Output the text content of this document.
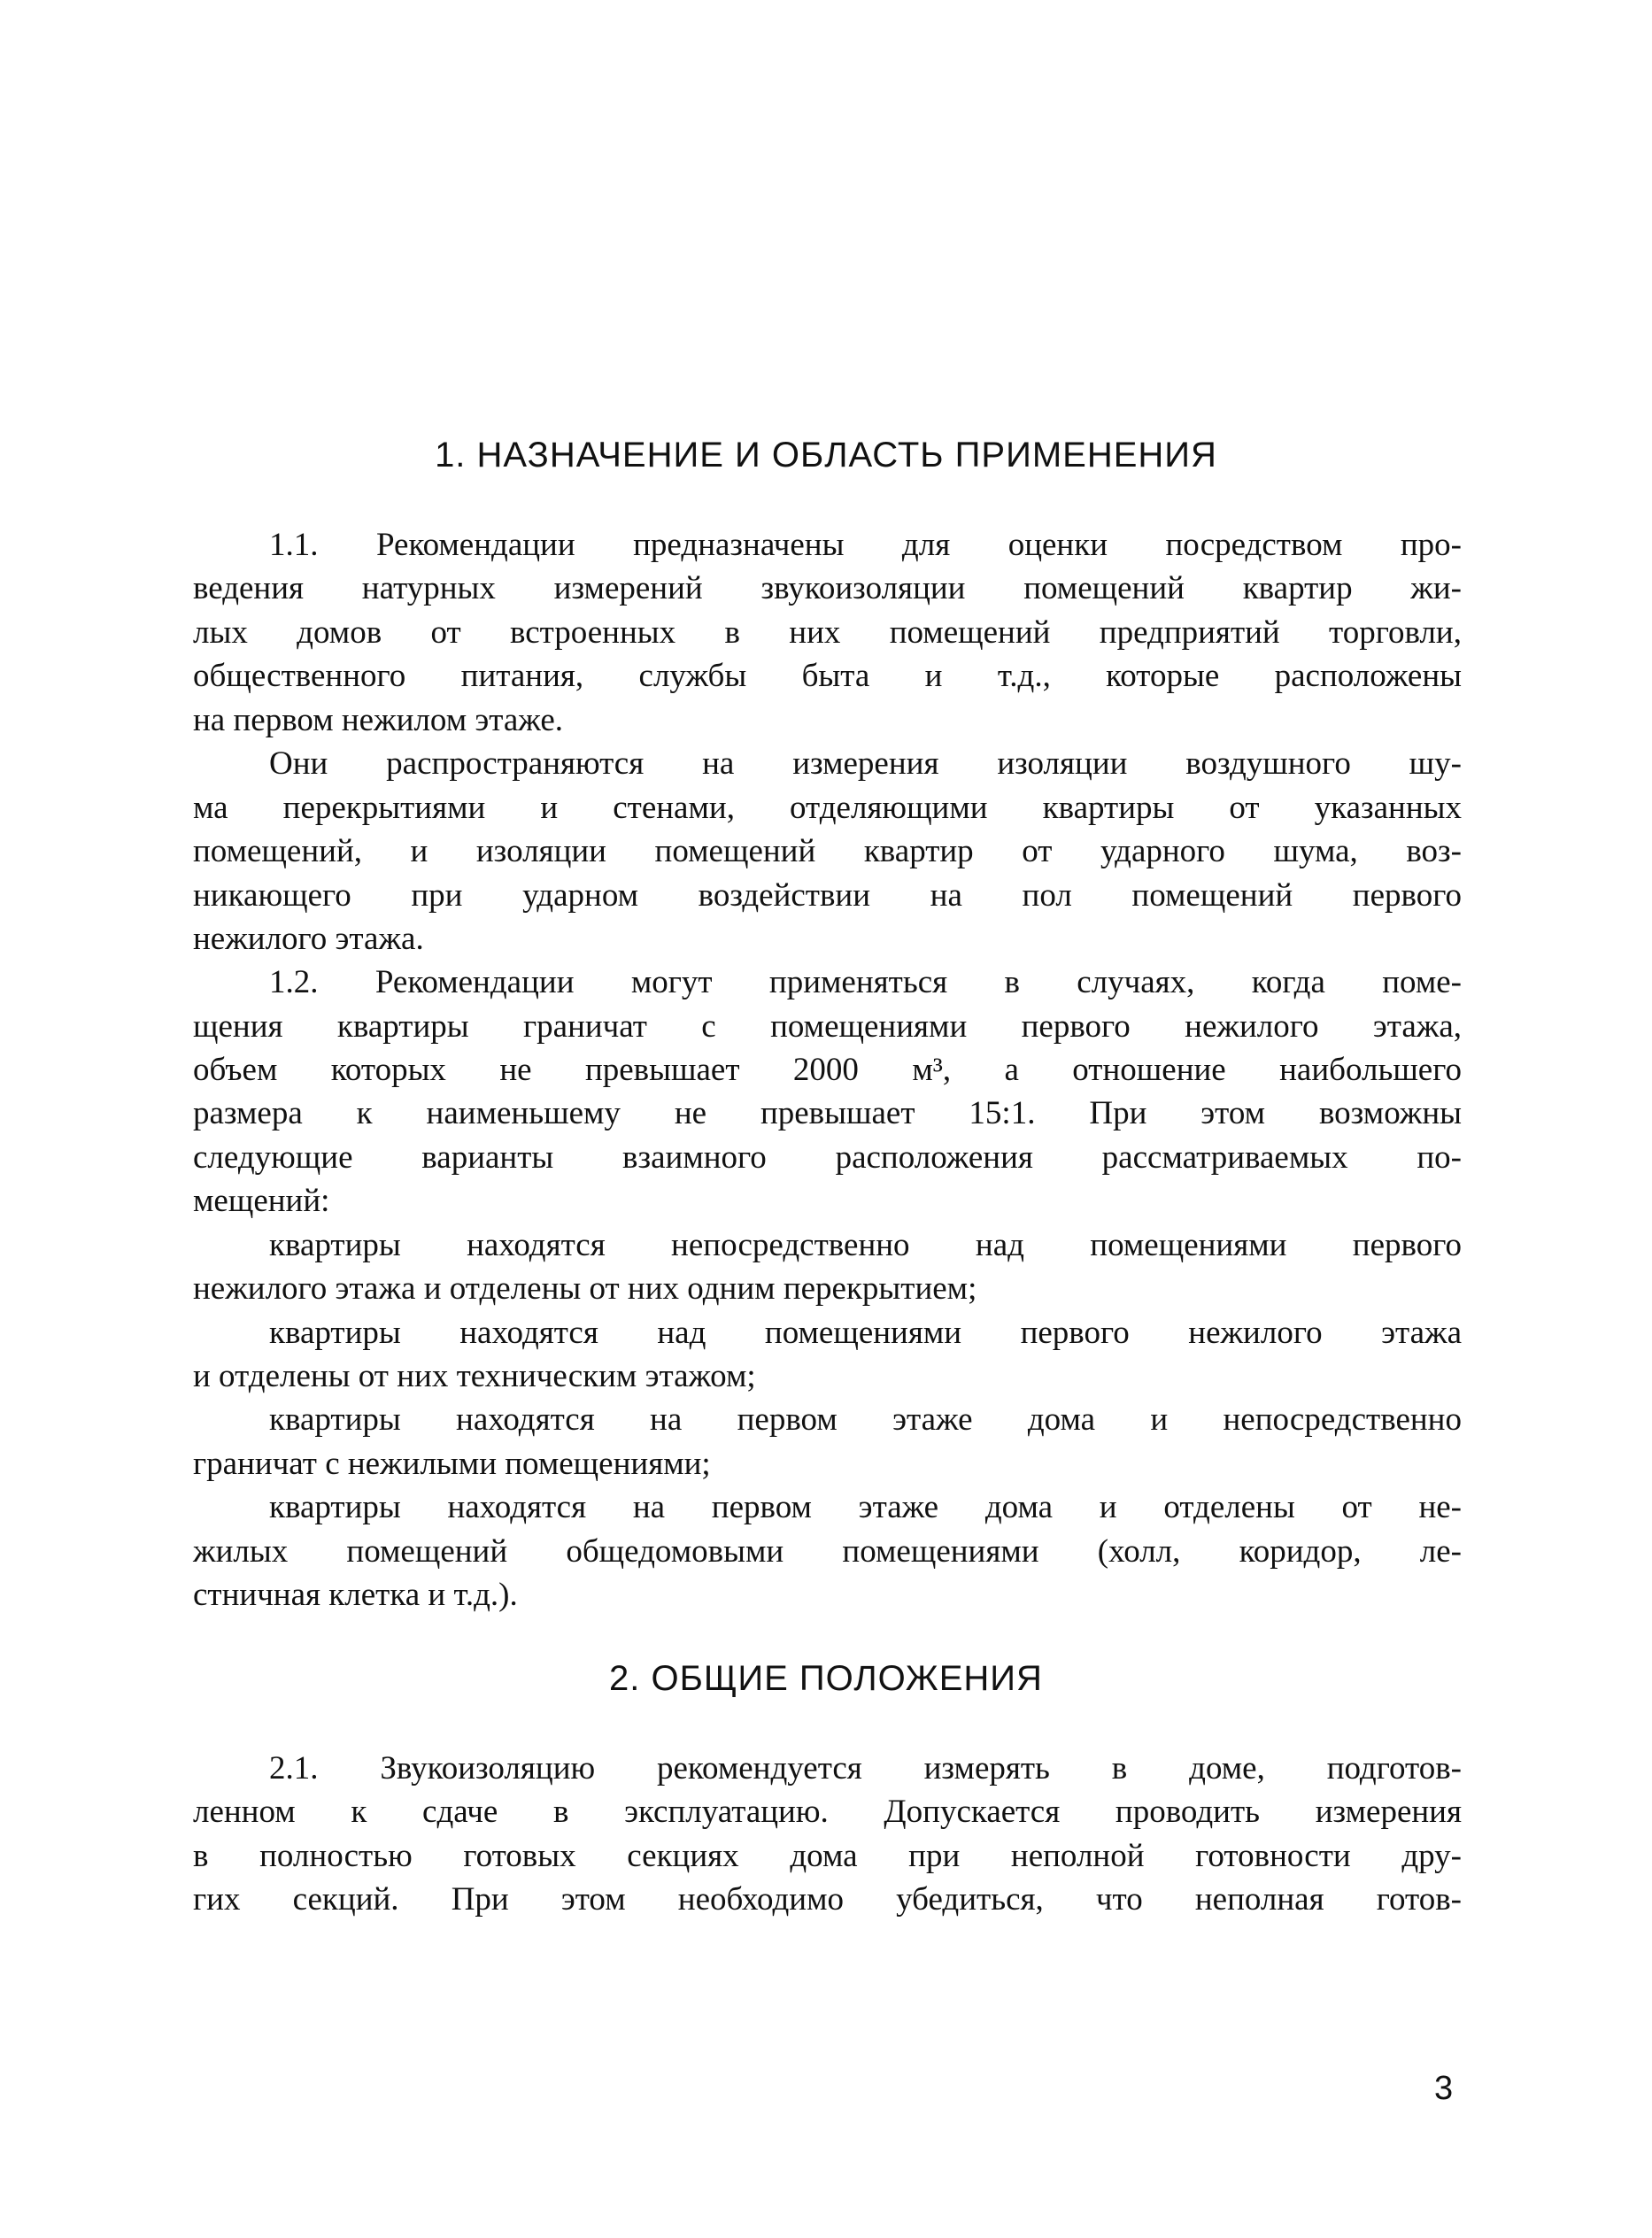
1. НАЗНАЧЕНИЕ И ОБЛАСТЬ ПРИМЕНЕНИЯ
1.1. Рекомендации предназначены для оценки посредством про-
ведения натурных измерений звукоизоляции помещений квартир жи-
лых домов от встроенных в них помещений предприятий торговли,
общественного питания, службы быта и т.д., которые расположены
на первом нежилом этаже.
Они распространяются на измерения изоляции воздушного шу-
ма перекрытиями и стенами, отделяющими квартиры от указанных
помещений, и изоляции помещений квартир от ударного шума, воз-
никающего при ударном воздействии на пол помещений первого
нежилого этажа.
1.2. Рекомендации могут применяться в случаях, когда поме-
щения квартиры граничат с помещениями первого нежилого этажа,
объем которых не превышает 2000 м³, а отношение наибольшего
размера к наименьшему не превышает 15:1. При этом возможны
следующие варианты взаимного расположения рассматриваемых по-
мещений:
квартиры находятся непосредственно над помещениями первого
нежилого этажа и отделены от них одним перекрытием;
квартиры находятся над помещениями первого нежилого этажа
и отделены от них техническим этажом;
квартиры находятся на первом этаже дома и непосредственно
граничат с нежилыми помещениями;
квартиры находятся на первом этаже дома и отделены от не-
жилых помещений общедомовыми помещениями (холл, коридор, ле-
стничная клетка и т.д.).
2. ОБЩИЕ ПОЛОЖЕНИЯ
2.1. Звукоизоляцию рекомендуется измерять в доме, подготов-
ленном к сдаче в эксплуатацию. Допускается проводить измерения
в полностью готовых секциях дома при неполной готовности дру-
гих секций. При этом необходимо убедиться, что неполная готов-
3
